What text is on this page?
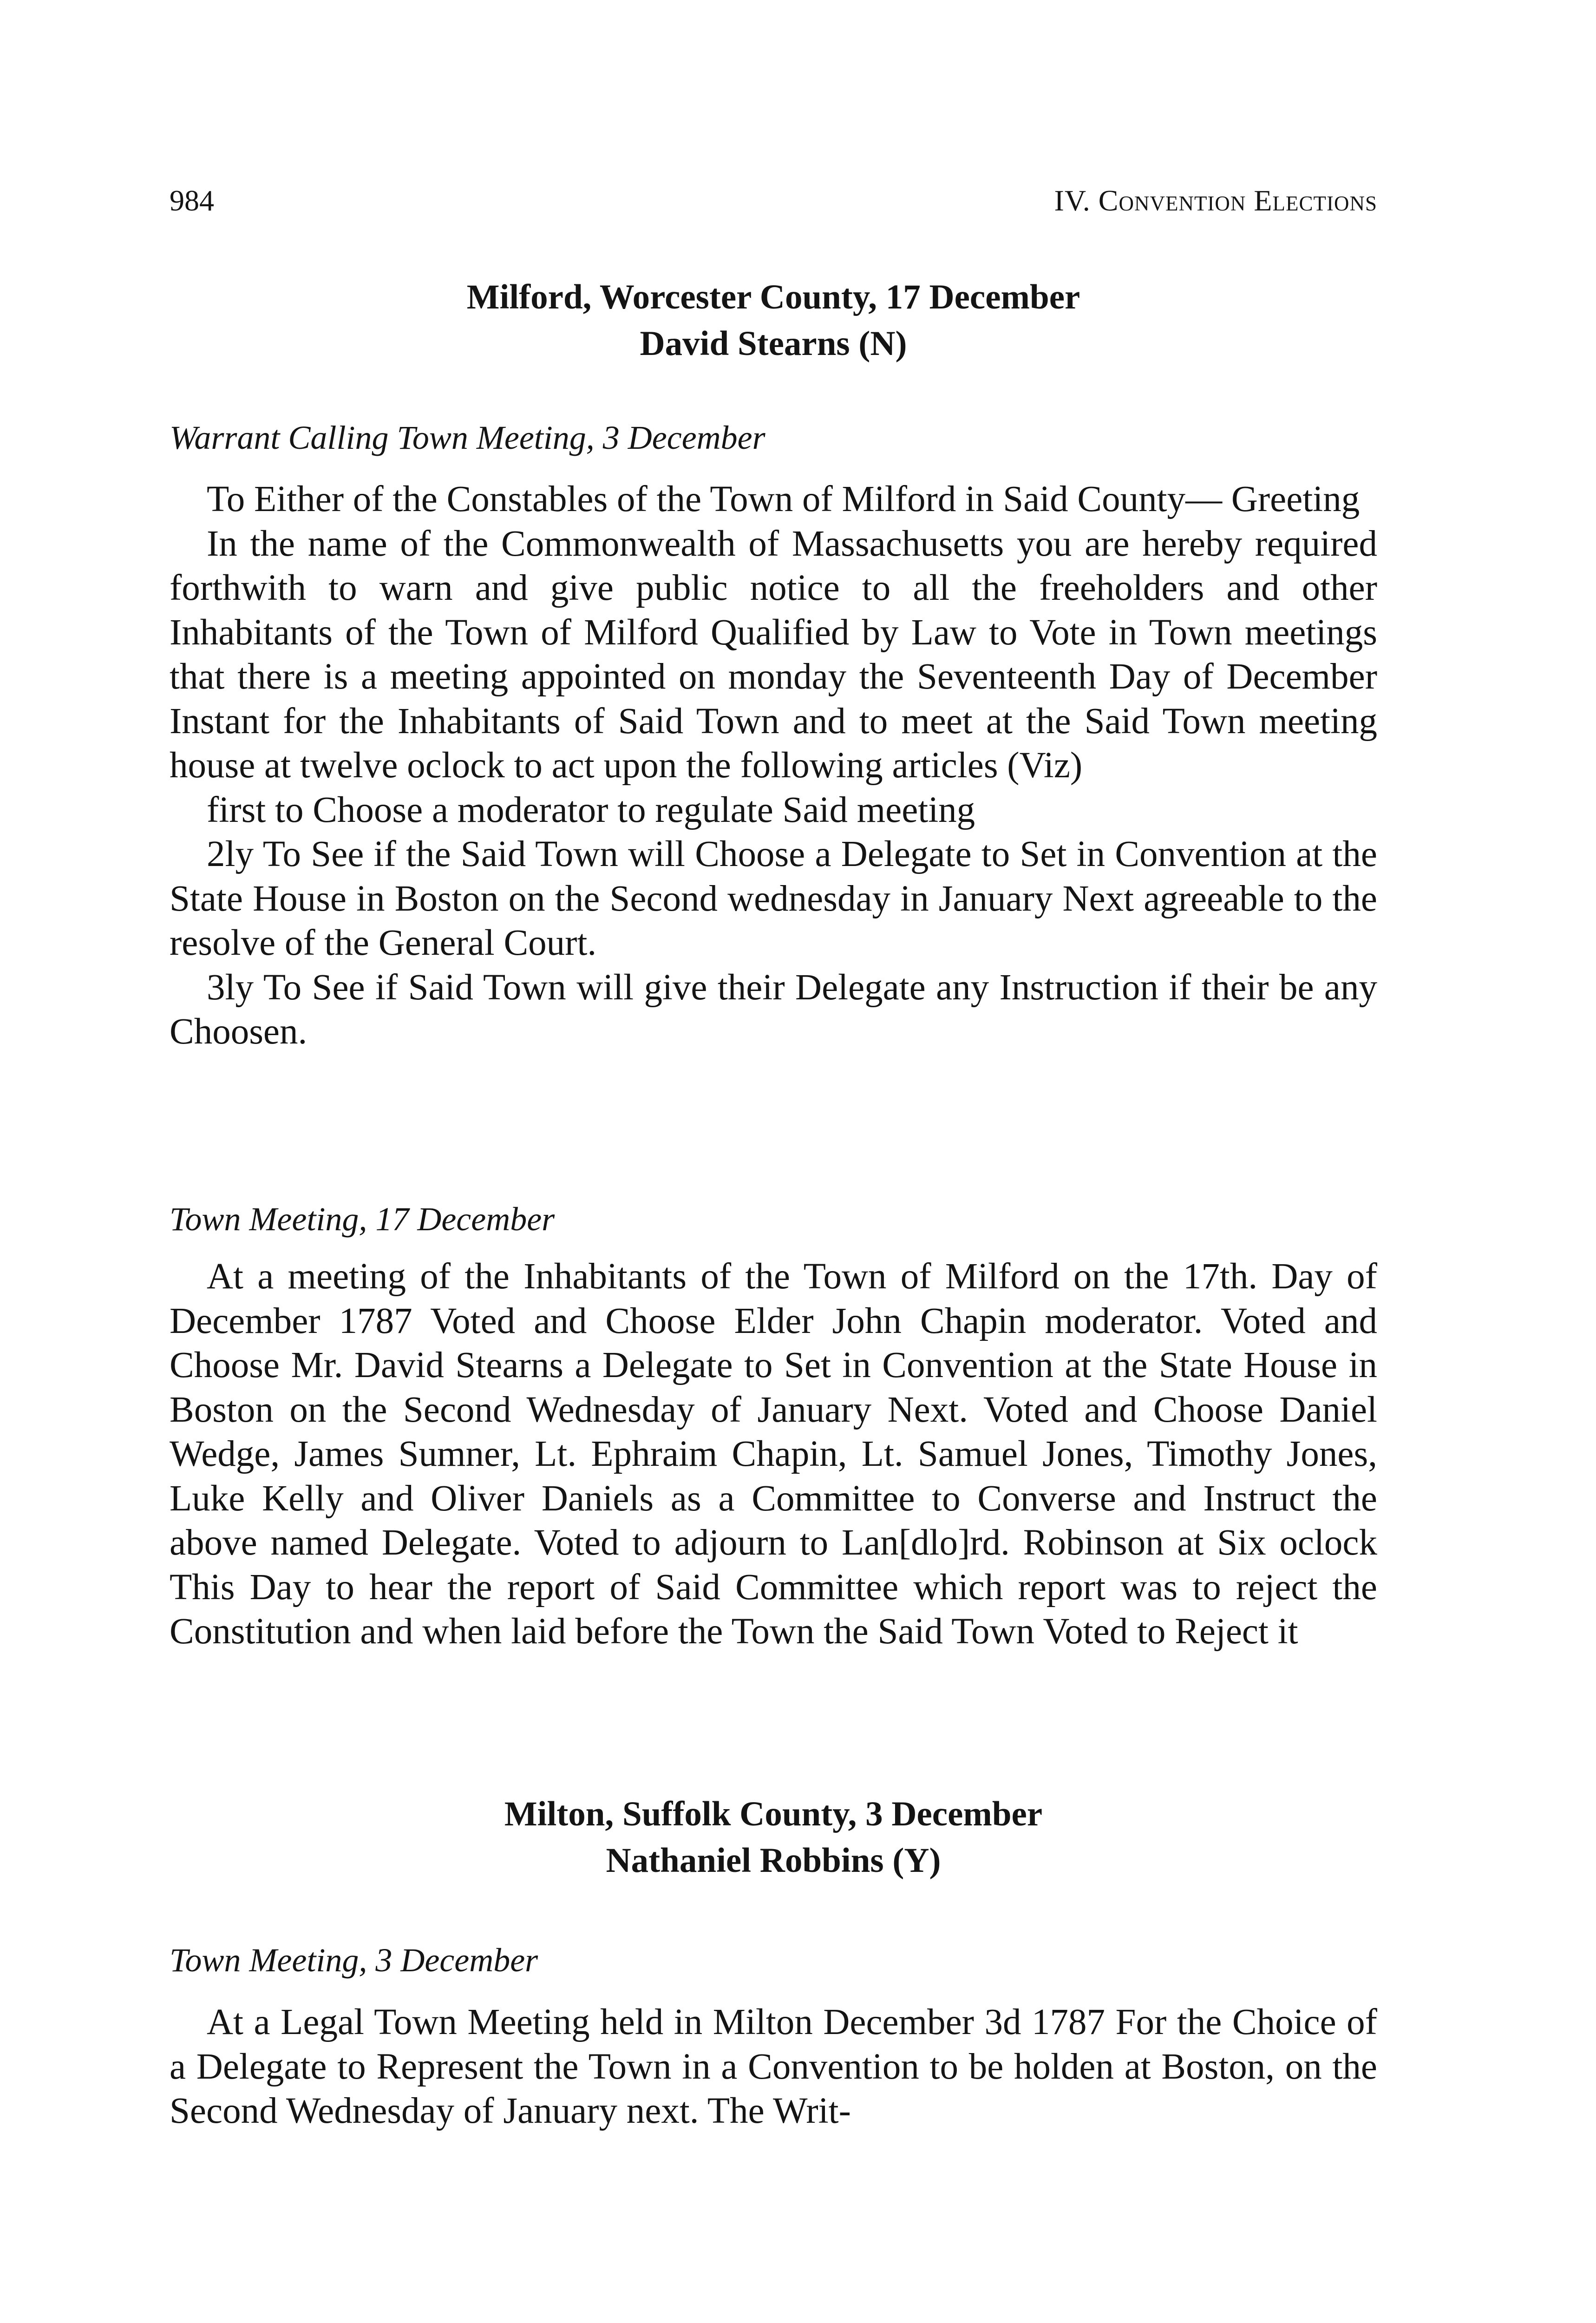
984	IV. Convention Elections
Milford, Worcester County, 17 December
David Stearns (N)
Warrant Calling Town Meeting, 3 December

To Either of the Constables of the Town of Milford in Said County— Greeting

In the name of the Commonwealth of Massachusetts you are hereby required forthwith to warn and give public notice to all the freeholders and other Inhabitants of the Town of Milford Qualified by Law to Vote in Town meetings that there is a meeting appointed on monday the Seventeenth Day of December Instant for the Inhabitants of Said Town and to meet at the Said Town meeting house at twelve oclock to act upon the following articles (Viz)

first to Choose a moderator to regulate Said meeting

2ly To See if the Said Town will Choose a Delegate to Set in Convention at the State House in Boston on the Second wednesday in January Next agreeable to the resolve of the General Court.

3ly To See if Said Town will give their Delegate any Instruction if their be any Choosen.

Town Meeting, 17 December

At a meeting of the Inhabitants of the Town of Milford on the 17th. Day of December 1787 Voted and Choose Elder John Chapin moderator. Voted and Choose Mr. David Stearns a Delegate to Set in Convention at the State House in Boston on the Second Wednesday of January Next. Voted and Choose Daniel Wedge, James Sumner, Lt. Ephraim Chapin, Lt. Samuel Jones, Timothy Jones, Luke Kelly and Oliver Daniels as a Committee to Converse and Instruct the above named Delegate. Voted to adjourn to Lan[dlo]rd. Robinson at Six oclock This Day to hear the report of Said Committee which report was to reject the Constitution and when laid before the Town the Said Town Voted to Reject it

Milton, Suffolk County, 3 December
Nathaniel Robbins (Y)
Town Meeting, 3 December

At a Legal Town Meeting held in Milton December 3d 1787 For the Choice of a Delegate to Represent the Town in a Convention to be holden at Boston, on the Second Wednesday of January next. The Writ-
